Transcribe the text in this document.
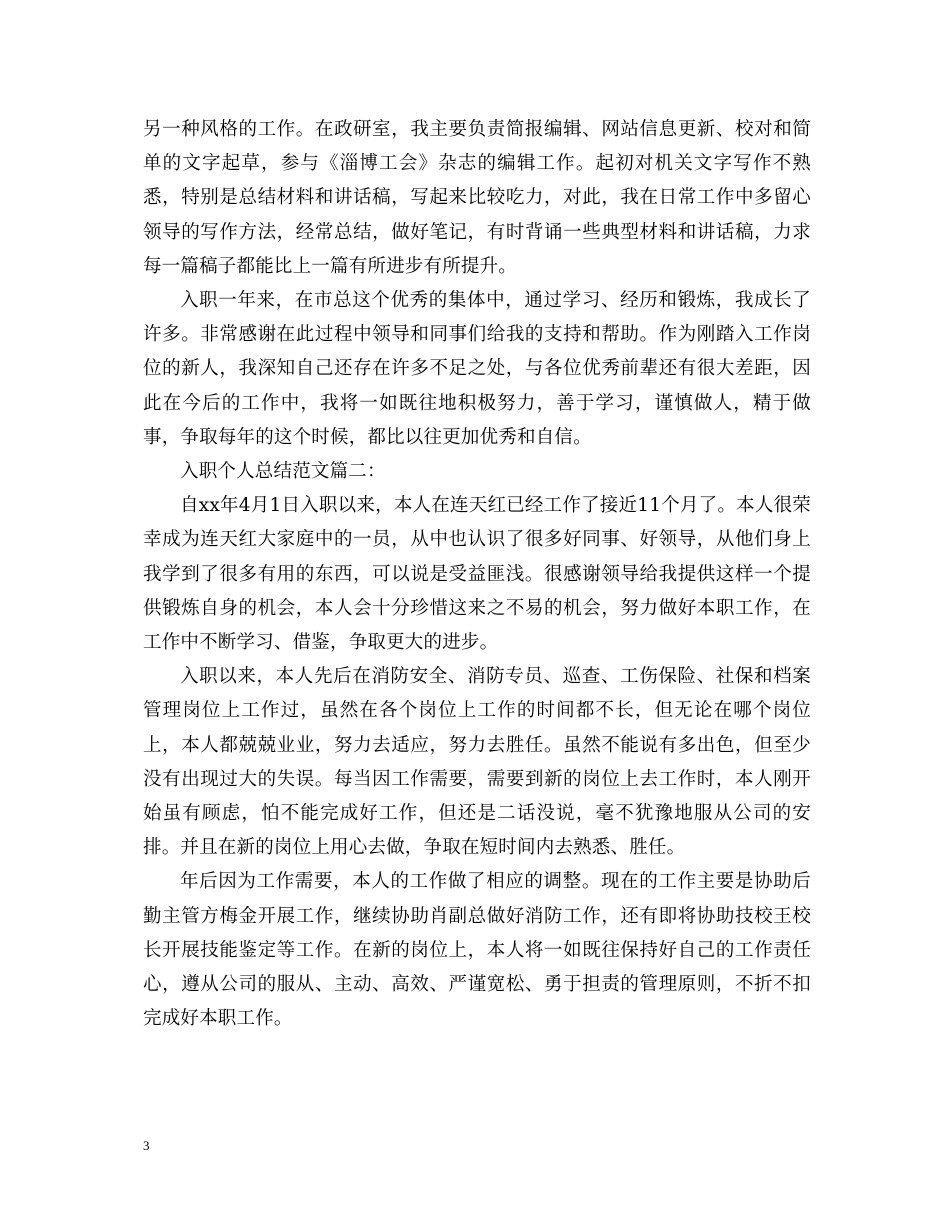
另一种风格的工作。在政研室，我主要负责简报编辑、网站信息更新、校对和简单的文字起草，参与《淄博工会》杂志的编辑工作。起初对机关文字写作不熟悉，特别是总结材料和讲话稿，写起来比较吃力，对此，我在日常工作中多留心领导的写作方法，经常总结，做好笔记，有时背诵一些典型材料和讲话稿，力求每一篇稿子都能比上一篇有所进步有所提升。

入职一年来，在市总这个优秀的集体中，通过学习、经历和锻炼，我成长了许多。非常感谢在此过程中领导和同事们给我的支持和帮助。作为刚踏入工作岗位的新人，我深知自己还存在许多不足之处，与各位优秀前辈还有很大差距，因此在今后的工作中，我将一如既往地积极努力，善于学习，谨慎做人，精于做事，争取每年的这个时候，都比以往更加优秀和自信。

入职个人总结范文篇二：

自xx年4月1日入职以来，本人在连天红已经工作了接近11个月了。本人很荣幸成为连天红大家庭中的一员，从中也认识了很多好同事、好领导，从他们身上我学到了很多有用的东西，可以说是受益匪浅。很感谢领导给我提供这样一个提供锻炼自身的机会，本人会十分珍惜这来之不易的机会，努力做好本职工作，在工作中不断学习、借鉴，争取更大的进步。

入职以来，本人先后在消防安全、消防专员、巡查、工伤保险、社保和档案管理岗位上工作过，虽然在各个岗位上工作的时间都不长，但无论在哪个岗位上，本人都兢兢业业，努力去适应，努力去胜任。虽然不能说有多出色，但至少没有出现过大的失误。每当因工作需要，需要到新的岗位上去工作时，本人刚开始虽有顾虑，怕不能完成好工作，但还是二话没说，毫不犹豫地服从公司的安排。并且在新的岗位上用心去做，争取在短时间内去熟悉、胜任。

年后因为工作需要，本人的工作做了相应的调整。现在的工作主要是协助后勤主管方梅金开展工作，继续协助肖副总做好消防工作，还有即将协助技校王校长开展技能鉴定等工作。在新的岗位上，本人将一如既往保持好自己的工作责任心，遵从公司的服从、主动、高效、严谨宽松、勇于担责的管理原则，不折不扣完成好本职工作。

3
